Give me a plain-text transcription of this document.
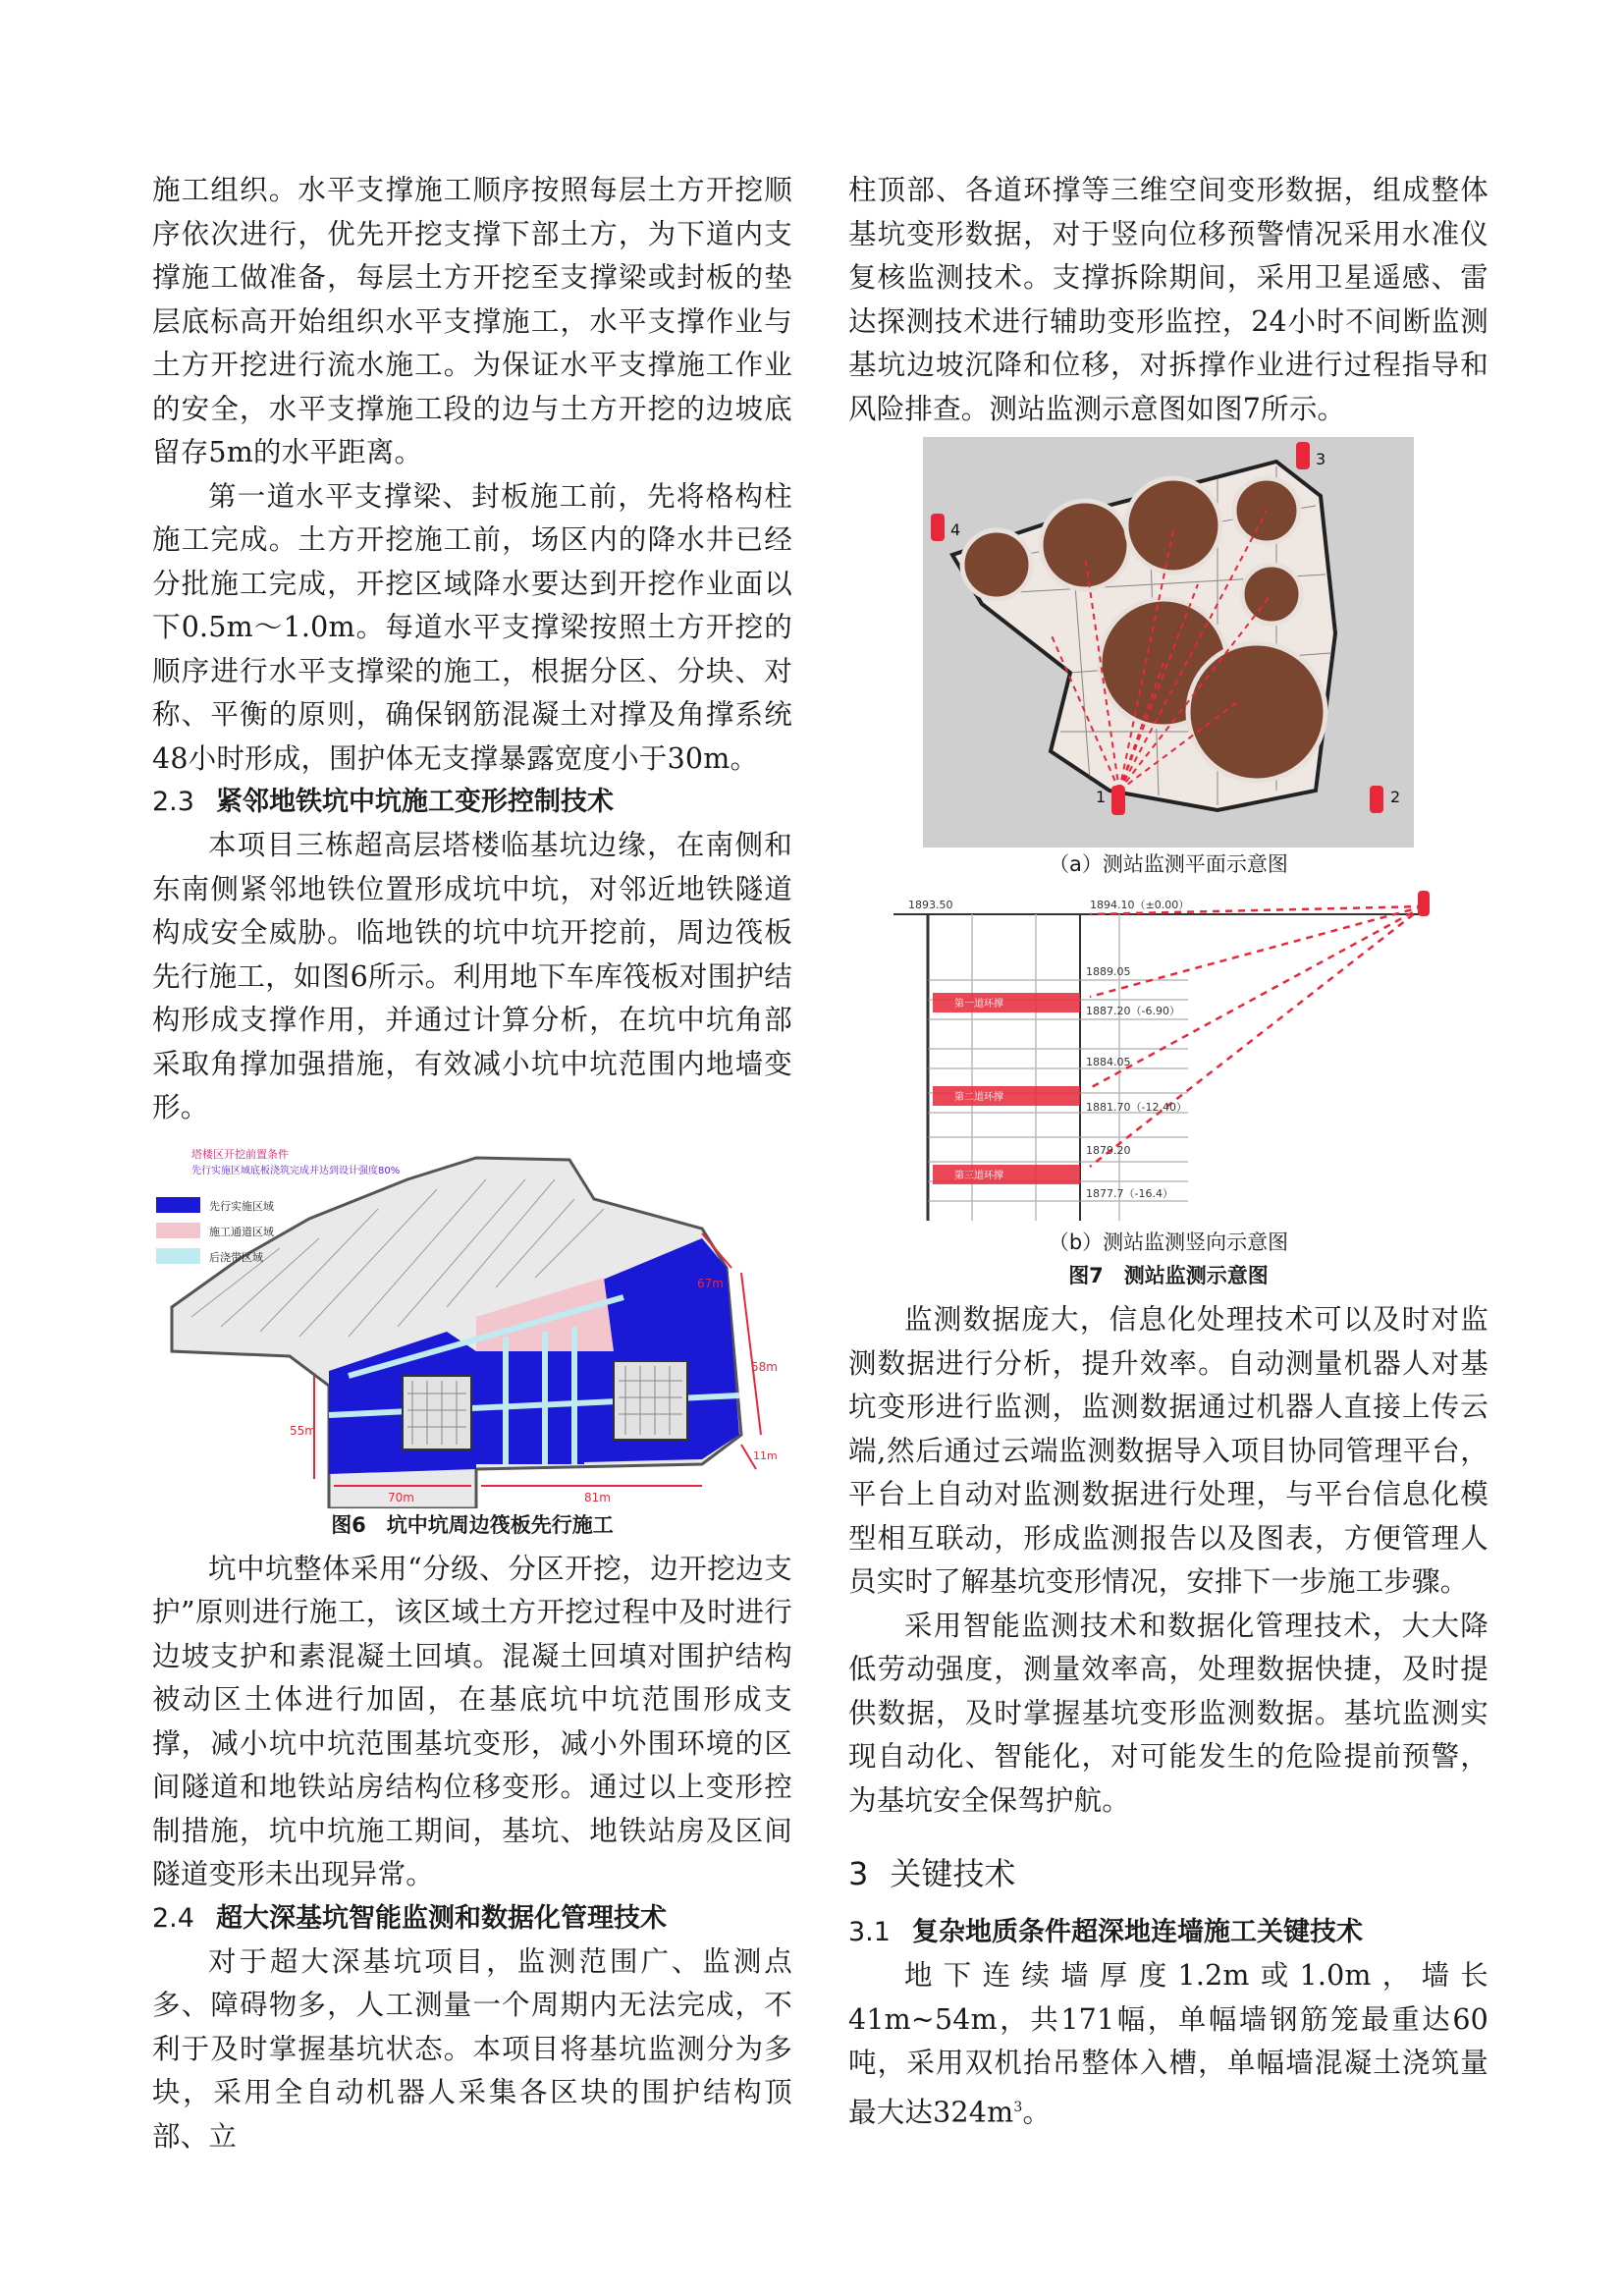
施工组织。水平支撑施工顺序按照每层土方开挖顺序依次进行，优先开挖支撑下部土方，为下道内支撑施工做准备，每层土方开挖至支撑梁或封板的垫层底标高开始组织水平支撑施工，水平支撑作业与土方开挖进行流水施工。为保证水平支撑施工作业的安全，水平支撑施工段的边与土方开挖的边坡底留存5m的水平距离。

第一道水平支撑梁、封板施工前，先将格构柱施工完成。土方开挖施工前，场区内的降水井已经分批施工完成，开挖区域降水要达到开挖作业面以下0.5m～1.0m。每道水平支撑梁按照土方开挖的顺序进行水平支撑梁的施工，根据分区、分块、对称、平衡的原则，确保钢筋混凝土对撑及角撑系统48小时形成，围护体无支撑暴露宽度小于30m。

2.3 紧邻地铁坑中坑施工变形控制技术

本项目三栋超高层塔楼临基坑边缘，在南侧和东南侧紧邻地铁位置形成坑中坑，对邻近地铁隧道构成安全威胁。临地铁的坑中坑开挖前，周边筏板先行施工，如图6所示。利用地下车库筏板对围护结构形成支撑作用，并通过计算分析，在坑中坑角部采取角撑加强措施，有效减小坑中坑范围内地墙变形。

塔楼区开挖前置条件
先行实施区域底板浇筑完成并达到设计强度80%
先行实施区域
施工通道区域
后浇带区域
67m
55m
70m	81m
58m
11m
图6　坑中坑周边筏板先行施工

坑中坑整体采用“分级、分区开挖，边开挖边支护”原则进行施工，该区域土方开挖过程中及时进行边坡支护和素混凝土回填。混凝土回填对围护结构被动区土体进行加固，在基底坑中坑范围形成支撑，减小坑中坑范围基坑变形，减小外围环境的区间隧道和地铁站房结构位移变形。通过以上变形控制措施，坑中坑施工期间，基坑、地铁站房及区间隧道变形未出现异常。

2.4 超大深基坑智能监测和数据化管理技术

对于超大深基坑项目，监测范围广、监测点多、障碍物多，人工测量一个周期内无法完成，不利于及时掌握基坑状态。本项目将基坑监测分为多块，采用全自动机器人采集各区块的围护结构顶部、立

柱顶部、各道环撑等三维空间变形数据，组成整体基坑变形数据，对于竖向位移预警情况采用水准仪复核监测技术。支撑拆除期间，采用卫星遥感、雷达探测技术进行辅助变形监控，24小时不间断监测基坑边坡沉降和位移，对拆撑作业进行过程指导和风险排查。测站监测示意图如图7所示。

1	2
3
4
（a）测站监测平面示意图
第一道环撑
第二道环撑
第三道环撑
1893.50	1894.10（±0.00）
1889.05
1887.20（-6.90）
1884.05
1881.70（-12.40）
1879.20
1877.7（-16.4）
（b）测站监测竖向示意图
图7　测站监测示意图

监测数据庞大，信息化处理技术可以及时对监测数据进行分析，提升效率。自动测量机器人对基坑变形进行监测，监测数据通过机器人直接上传云端,然后通过云端监测数据导入项目协同管理平台，平台上自动对监测数据进行处理，与平台信息化模型相互联动，形成监测报告以及图表，方便管理人员实时了解基坑变形情况，安排下一步施工步骤。

采用智能监测技术和数据化管理技术，大大降低劳动强度，测量效率高，处理数据快捷，及时提供数据，及时掌握基坑变形监测数据。基坑监测实现自动化、智能化，对可能发生的危险提前预警，为基坑安全保驾护航。

3 关键技术
3.1 复杂地质条件超深地连墙施工关键技术

地下连续墙厚度1.2m或1.0m，墙长41m~54m，共171幅，单幅墙钢筋笼最重达60吨，采用双机抬吊整体入槽，单幅墙混凝土浇筑量最大达$324m^3$。
